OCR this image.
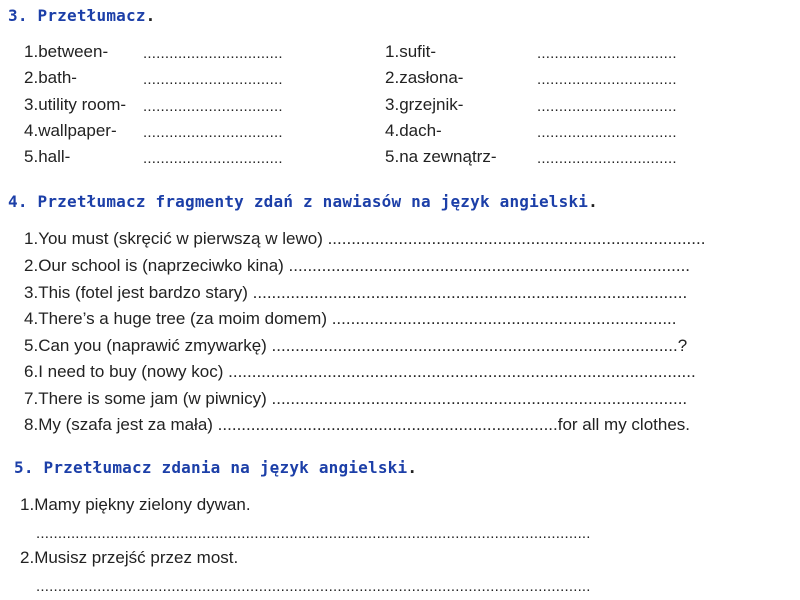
3. Przetłumacz.
1.between-
2.bath-
3.utility room-
4.wallpaper-
5.hall-
................................
................................
................................
................................
................................
1.sufit-
2.zasłona-
3.grzejnik-
4.dach-
5.na zewnątrz-
................................
................................
................................
................................
................................
4. Przetłumacz fragmenty zdań z nawiasów na język angielski.
1.You must (skręcić w pierwszą w lewo) ................................................................................
2.Our school is (naprzeciwko kina) .....................................................................................
3.This (fotel jest bardzo stary) ............................................................................................
4.There’s a huge tree (za moim domem) .........................................................................
5.Can you (naprawić zmywarkę) ......................................................................................?
6.I need to buy (nowy koc) ...................................................................................................
7.There is some jam (w piwnicy) ........................................................................................
8.My (szafa jest za mała) ........................................................................for all my clothes.
5. Przetłumacz zdania na język angielski.
1.Mamy piękny zielony dywan.
...............................................................................................................................
2.Musisz przejść przez most.
...............................................................................................................................
